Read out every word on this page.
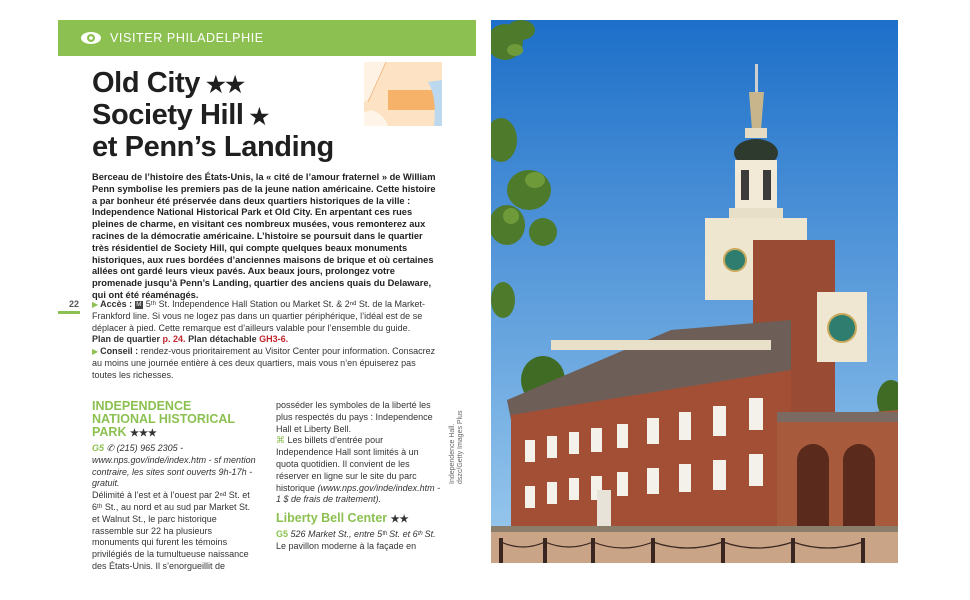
VISITER PHILADELPHIE
Old City ★★
Society Hill ★
et Penn’s Landing
Berceau de l’histoire des États-Unis, la « cité de l’amour fraternel » de William Penn symbolise les premiers pas de la jeune nation américaine. Cette histoire a par bonheur été préservée dans deux quartiers historiques de la ville : Independence National Historical Park et Old City. En arpentant ces rues pleines de charme, en visitant ces nombreux musées, vous remonterez aux racines de la démocratie américaine. L’histoire se poursuit dans le quartier très résidentiel de Society Hill, qui compte quelques beaux monuments historiques, aux rues bordées d’anciennes maisons de brique et où certaines allées ont gardé leurs vieux pavés. Aux beaux jours, prolongez votre promenade jusqu’à Penn’s Landing, quartier des anciens quais du Delaware, qui ont été réaménagés.
22 ▶ Accès : M 5ᵗʰ St. Independence Hall Station ou Market St. & 2ⁿᵈ St. de la Market-Frankford line. Si vous ne logez pas dans un quartier périphérique, l’idéal est de se déplacer à pied. Cette remarque est d’ailleurs valable pour l’ensemble du guide.

Plan de quartier p. 24. Plan détachable GH3-6.

▶ Conseil : rendez-vous prioritairement au Visitor Center pour information. Consacrez au moins une journée entière à ces deux quartiers, mais vous n’en épuiserez pas toutes les richesses.

INDEPENDENCE NATIONAL HISTORICAL PARK ★★★
G5 ✆ (215) 965 2305 - www.nps.gov/inde/index.htm - sf mention contraire, les sites sont ouverts 9h-17h - gratuit.
Délimité à l’est et à l’ouest par 2ⁿᵈ St. et 6ᵗʰ St., au nord et au sud par Market St. et Walnut St., le parc historique rassemble sur 22 ha plusieurs monuments qui furent les témoins privilégiés de la tumultueuse naissance des États-Unis. Il s’enorgueillit de
posséder les symboles de la liberté les plus respectés du pays : Independence Hall et Liberty Bell.
⌘ Les billets d’entrée pour Independence Hall sont limités à un quota quotidien. Il convient de les réserver en ligne sur le site du parc historique (www.nps.gov/inde/index.htm - 1 $ de frais de traitement).
Liberty Bell Center ★★
G5 526 Market St., entre 5ᵗʰ St. et 6ᵗʰ St.
Le pavillon moderne à la façade en
Independence Hall. dszc/Getty Images Plus
